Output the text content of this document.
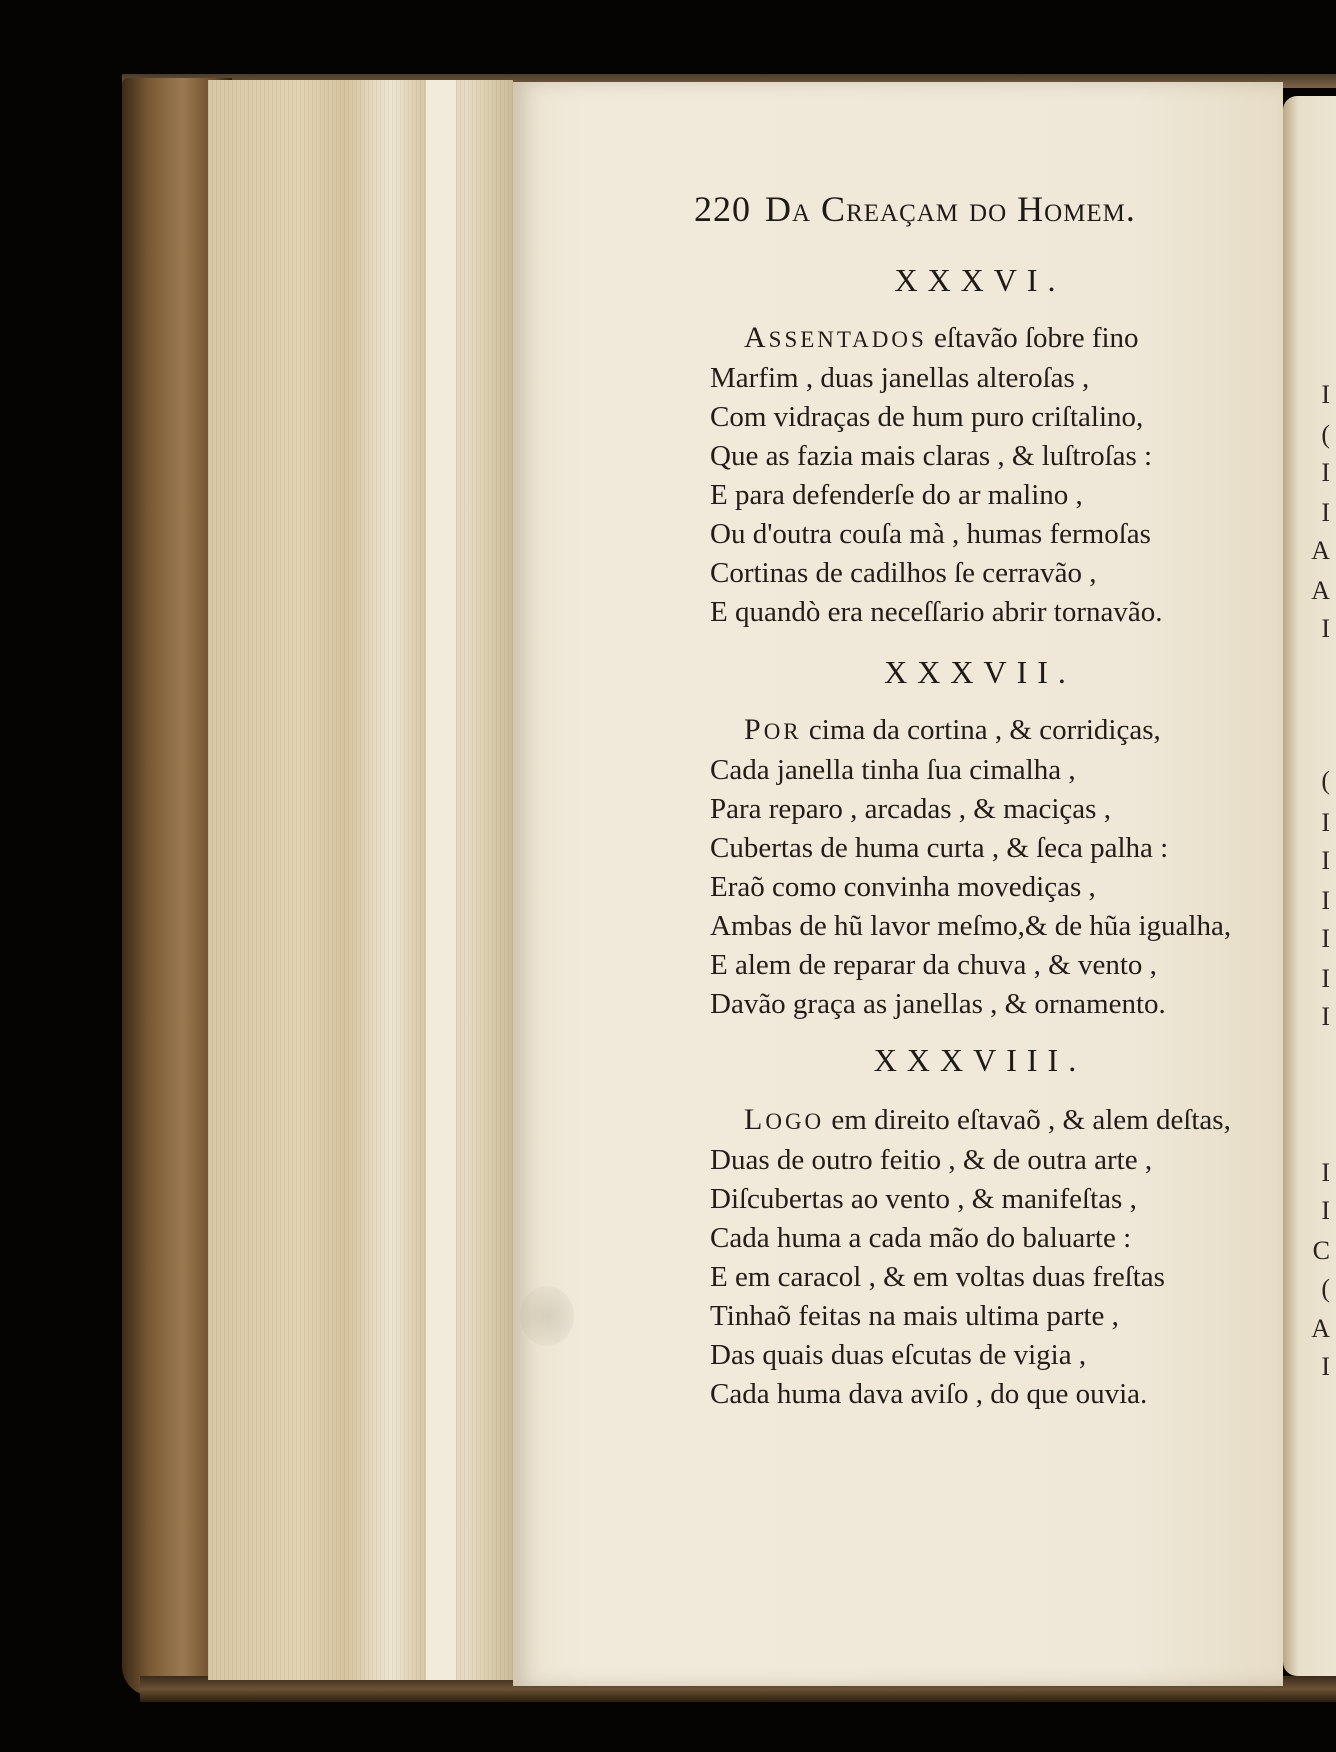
I
(
I
I
A
A
I
(
I
I
I
I
I
I
I
I
C
(
A
I
220 Da Creaçam do Homem.
XXXVI.
ASSENTADOS eſtavão ſobre fino
Marfim , duas janellas alteroſas ,
Com vidraças de hum puro criſtalino,
Que as fazia mais claras , & luſtroſas :
E para defenderſe do ar malino ,
Ou d'outra couſa mà , humas fermoſas
Cortinas de cadilhos ſe cerravão ,
E quandò era neceſſario abrir tornavão.
XXXVII.
POR cima da cortina , & corridiças,
Cada janella tinha ſua cimalha ,
Para reparo , arcadas , & maciças ,
Cubertas de huma curta , & ſeca palha :
Eraõ como convinha movediças ,
Ambas de hũ lavor meſmo,& de hũa igualha,
E alem de reparar da chuva , & vento ,
Davão graça as janellas , & ornamento.
XXXVIII.
LOGO em direito eſtavaõ , & alem deſtas,
Duas de outro feitio , & de outra arte ,
Diſcubertas ao vento , & manifeſtas ,
Cada huma a cada mão do baluarte :
E em caracol , & em voltas duas freſtas
Tinhaõ feitas na mais ultima parte ,
Das quais duas eſcutas de vigia ,
Cada huma dava aviſo , do que ouvia.
